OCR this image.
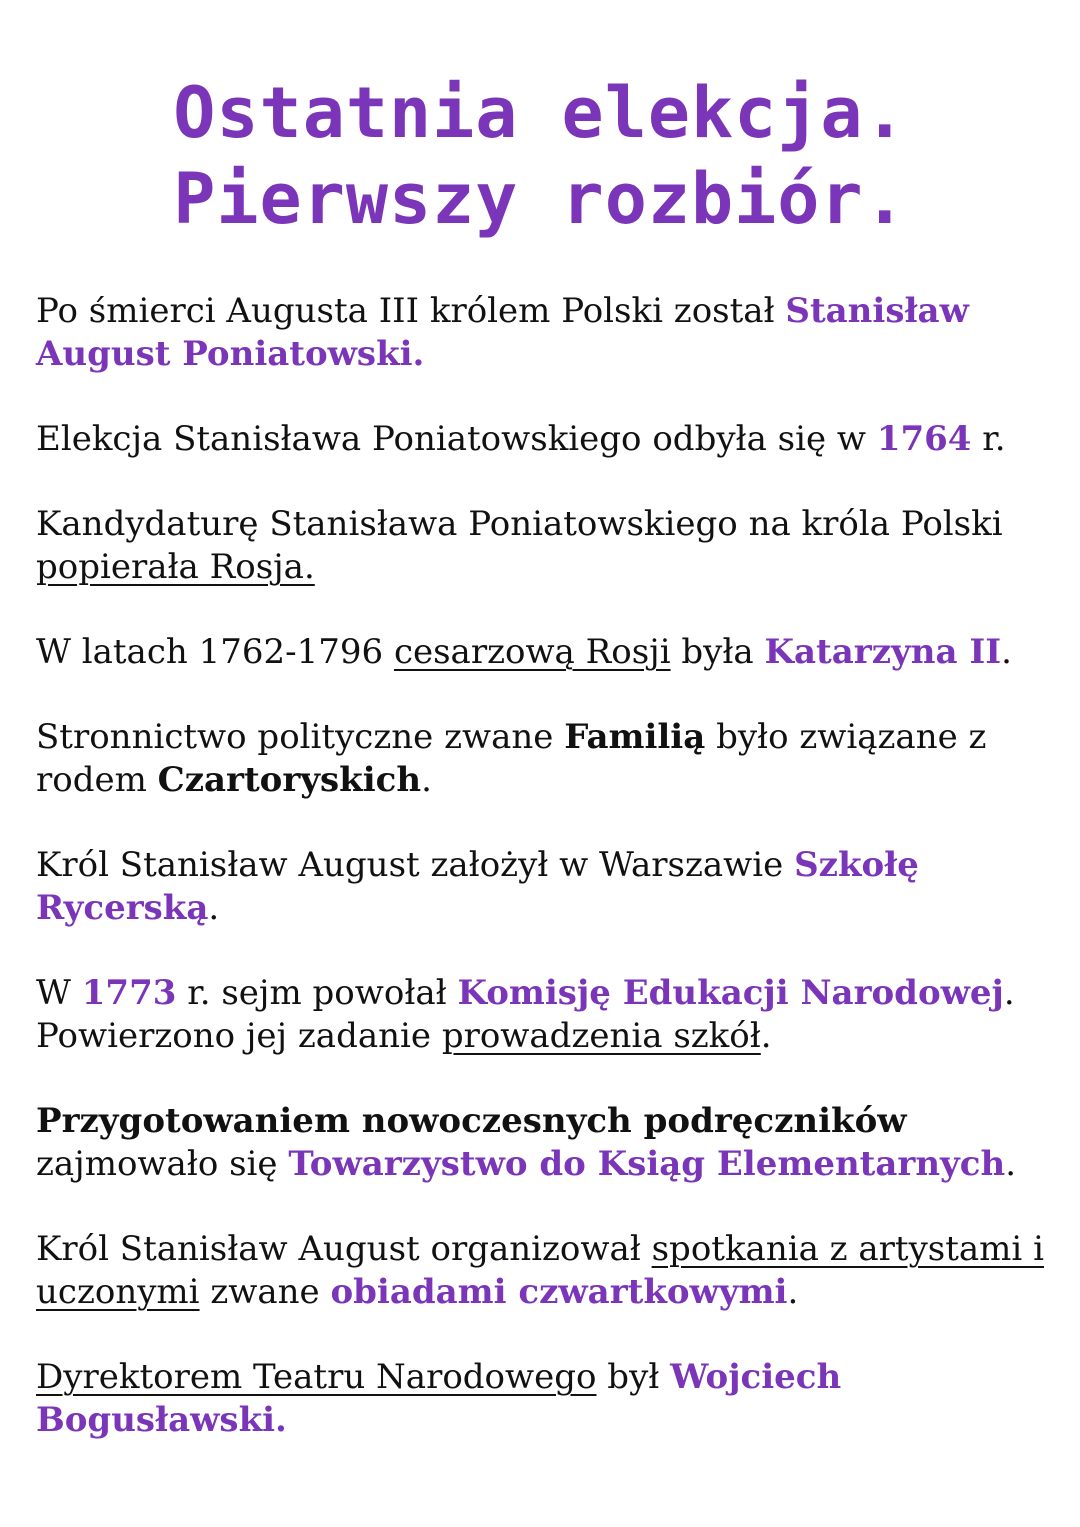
Ostatnia elekcja.
Pierwszy rozbiór.

Po śmierci Augusta III królem Polski został Stanisław August Poniatowski.

Elekcja Stanisława Poniatowskiego odbyła się w 1764 r.

Kandydaturę Stanisława Poniatowskiego na króla Polski popierała Rosja.

W latach 1762-1796 cesarzową Rosji była Katarzyna II.

Stronnictwo polityczne zwane Familią było związane z rodem Czartoryskich.

Król Stanisław August założył w Warszawie Szkołę Rycerską.

W 1773 r. sejm powołał Komisję Edukacji Narodowej. Powierzono jej zadanie prowadzenia szkół.

Przygotowaniem nowoczesnych podręczników zajmowało się Towarzystwo do Ksiąg Elementarnych.

Król Stanisław August organizował spotkania z artystami i uczonymi zwane obiadami czwartkowymi.

Dyrektorem Teatru Narodowego był Wojciech Bogusławski.
